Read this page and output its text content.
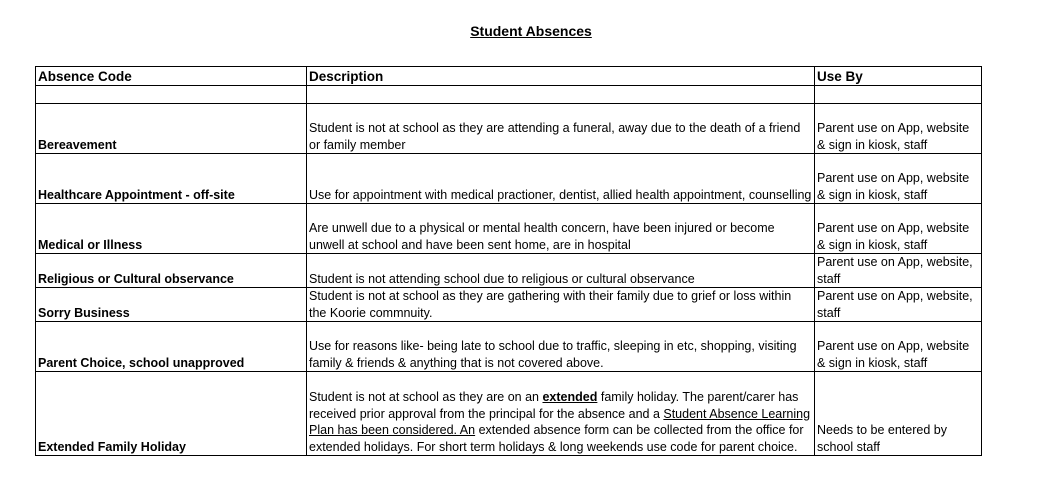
Student Absences
Absence Code	Description	Use By

Bereavement	Student is not at school as they are attending a funeral, away due to the death of a friend or family member	Parent use on App, website & sign in kiosk, staff
Healthcare Appointment - off-site	Use for appointment with medical practioner, dentist, allied health appointment, counselling	Parent use on App, website & sign in kiosk, staff
Medical or Illness	Are unwell due to a physical or mental health concern, have been injured or become unwell at school and have been sent home, are in hospital	Parent use on App, website & sign in kiosk, staff
Religious or Cultural observance	Student is not attending school due to religious or cultural observance	Parent use on App, website, staff
Sorry Business	Student is not at school as they are gathering with their family due to grief or loss within the Koorie commnuity.	Parent use on App, website, staff
Parent Choice, school unapproved	Use for reasons like- being late to school due to traffic, sleeping in etc, shopping, visiting family & friends & anything that is not covered above.	Parent use on App, website & sign in kiosk, staff
Extended Family Holiday	Student is not at school as they are on an extended family holiday. The parent/carer has received prior approval from the principal for the absence and a Student Absence Learning Plan has been considered. An extended absence form can be collected from the office for extended holidays. For short term holidays & long weekends use code for parent choice.	Needs to be entered by school staff
